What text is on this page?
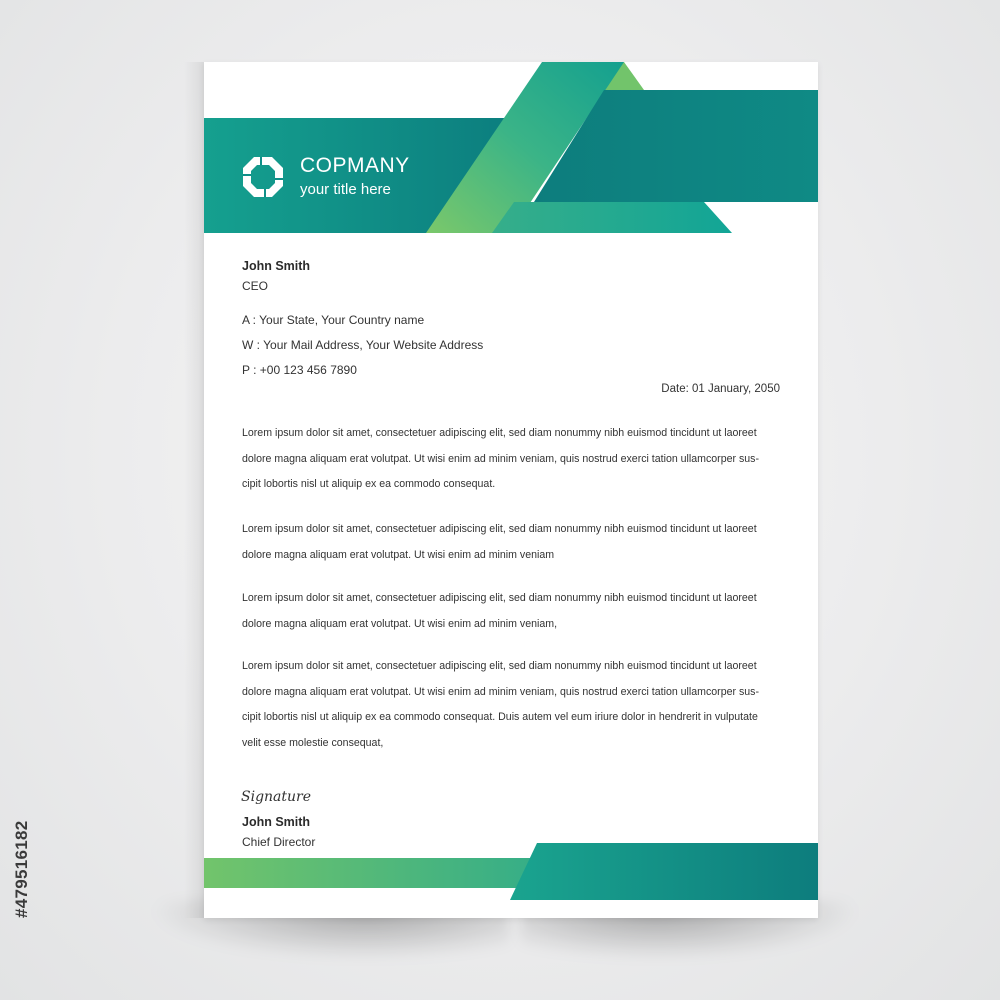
COPMANY
your title here
John Smith
CEO
A : Your State, Your Country name
W : Your Mail Address, Your Website Address
P : +00 123 456 7890
Date: 01 January, 2050
Lorem ipsum dolor sit amet, consectetuer adipiscing elit, sed diam nonummy nibh euismod tincidunt ut laoreet
dolore magna aliquam erat volutpat. Ut wisi enim ad minim veniam, quis nostrud exerci tation ullamcorper sus-
cipit lobortis nisl ut aliquip ex ea commodo consequat.
Lorem ipsum dolor sit amet, consectetuer adipiscing elit, sed diam nonummy nibh euismod tincidunt ut laoreet
dolore magna aliquam erat volutpat. Ut wisi enim ad minim veniam
Lorem ipsum dolor sit amet, consectetuer adipiscing elit, sed diam nonummy nibh euismod tincidunt ut laoreet
dolore magna aliquam erat volutpat. Ut wisi enim ad minim veniam,
Lorem ipsum dolor sit amet, consectetuer adipiscing elit, sed diam nonummy nibh euismod tincidunt ut laoreet
dolore magna aliquam erat volutpat. Ut wisi enim ad minim veniam, quis nostrud exerci tation ullamcorper sus-
cipit lobortis nisl ut aliquip ex ea commodo consequat. Duis autem vel eum iriure dolor in hendrerit in vulputate
velit esse molestie consequat,
Signature
John Smith
Chief Director
